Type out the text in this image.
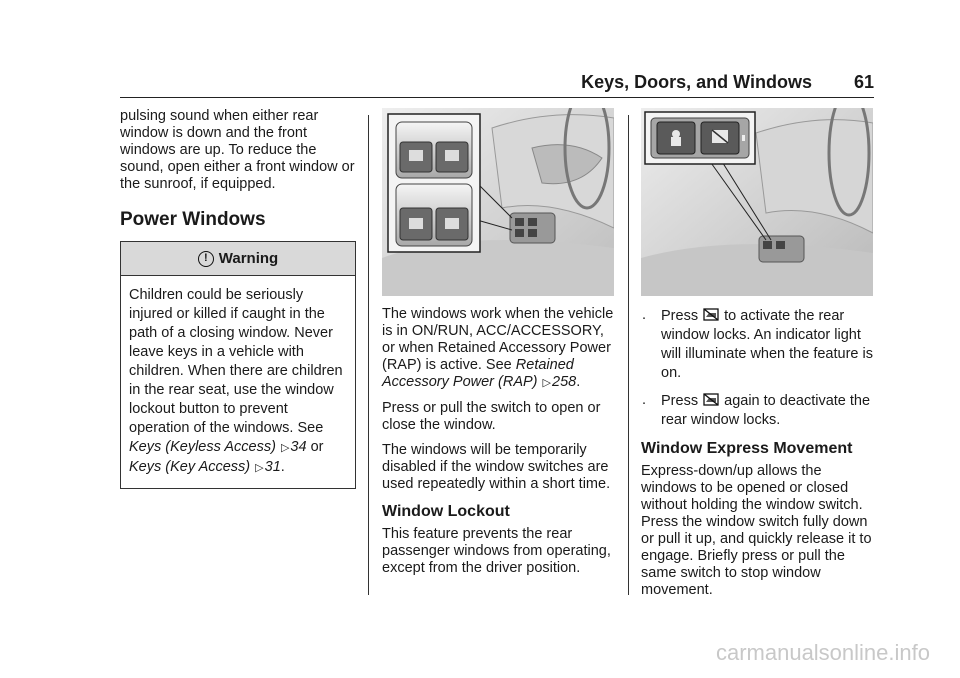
Keys, Doors, and Windows 61

pulsing sound when either rear window is down and the front windows are up. To reduce the sound, open either a front window or the sunroof, if equipped.

Power Windows
! Warning
Children could be seriously injured or killed if caught in the path of a closing window. Never leave keys in a vehicle with children. When there are children in the rear seat, use the window lockout button to prevent operation of the windows. See Keys (Keyless Access) ▷34 or Keys (Key Access) ▷31.

The windows work when the vehicle is in ON/RUN, ACC/ACCESSORY, or when Retained Accessory Power (RAP) is active. See Retained Accessory Power (RAP) ▷258.

Press or pull the switch to open or close the window.

The windows will be temporarily disabled if the window switches are used repeatedly within a short time.

Window Lockout

This feature prevents the rear passenger windows from operating, except from the driver position.

.	Press to activate the rear window locks. An indicator light will illuminate when the feature is on.
.	Press again to deactivate the rear window locks.
Window Express Movement

Express-down/up allows the windows to be opened or closed without holding the window switch. Press the window switch fully down or pull it up, and quickly release it to engage. Briefly press or pull the same switch to stop window movement.

carmanualsonline.info
